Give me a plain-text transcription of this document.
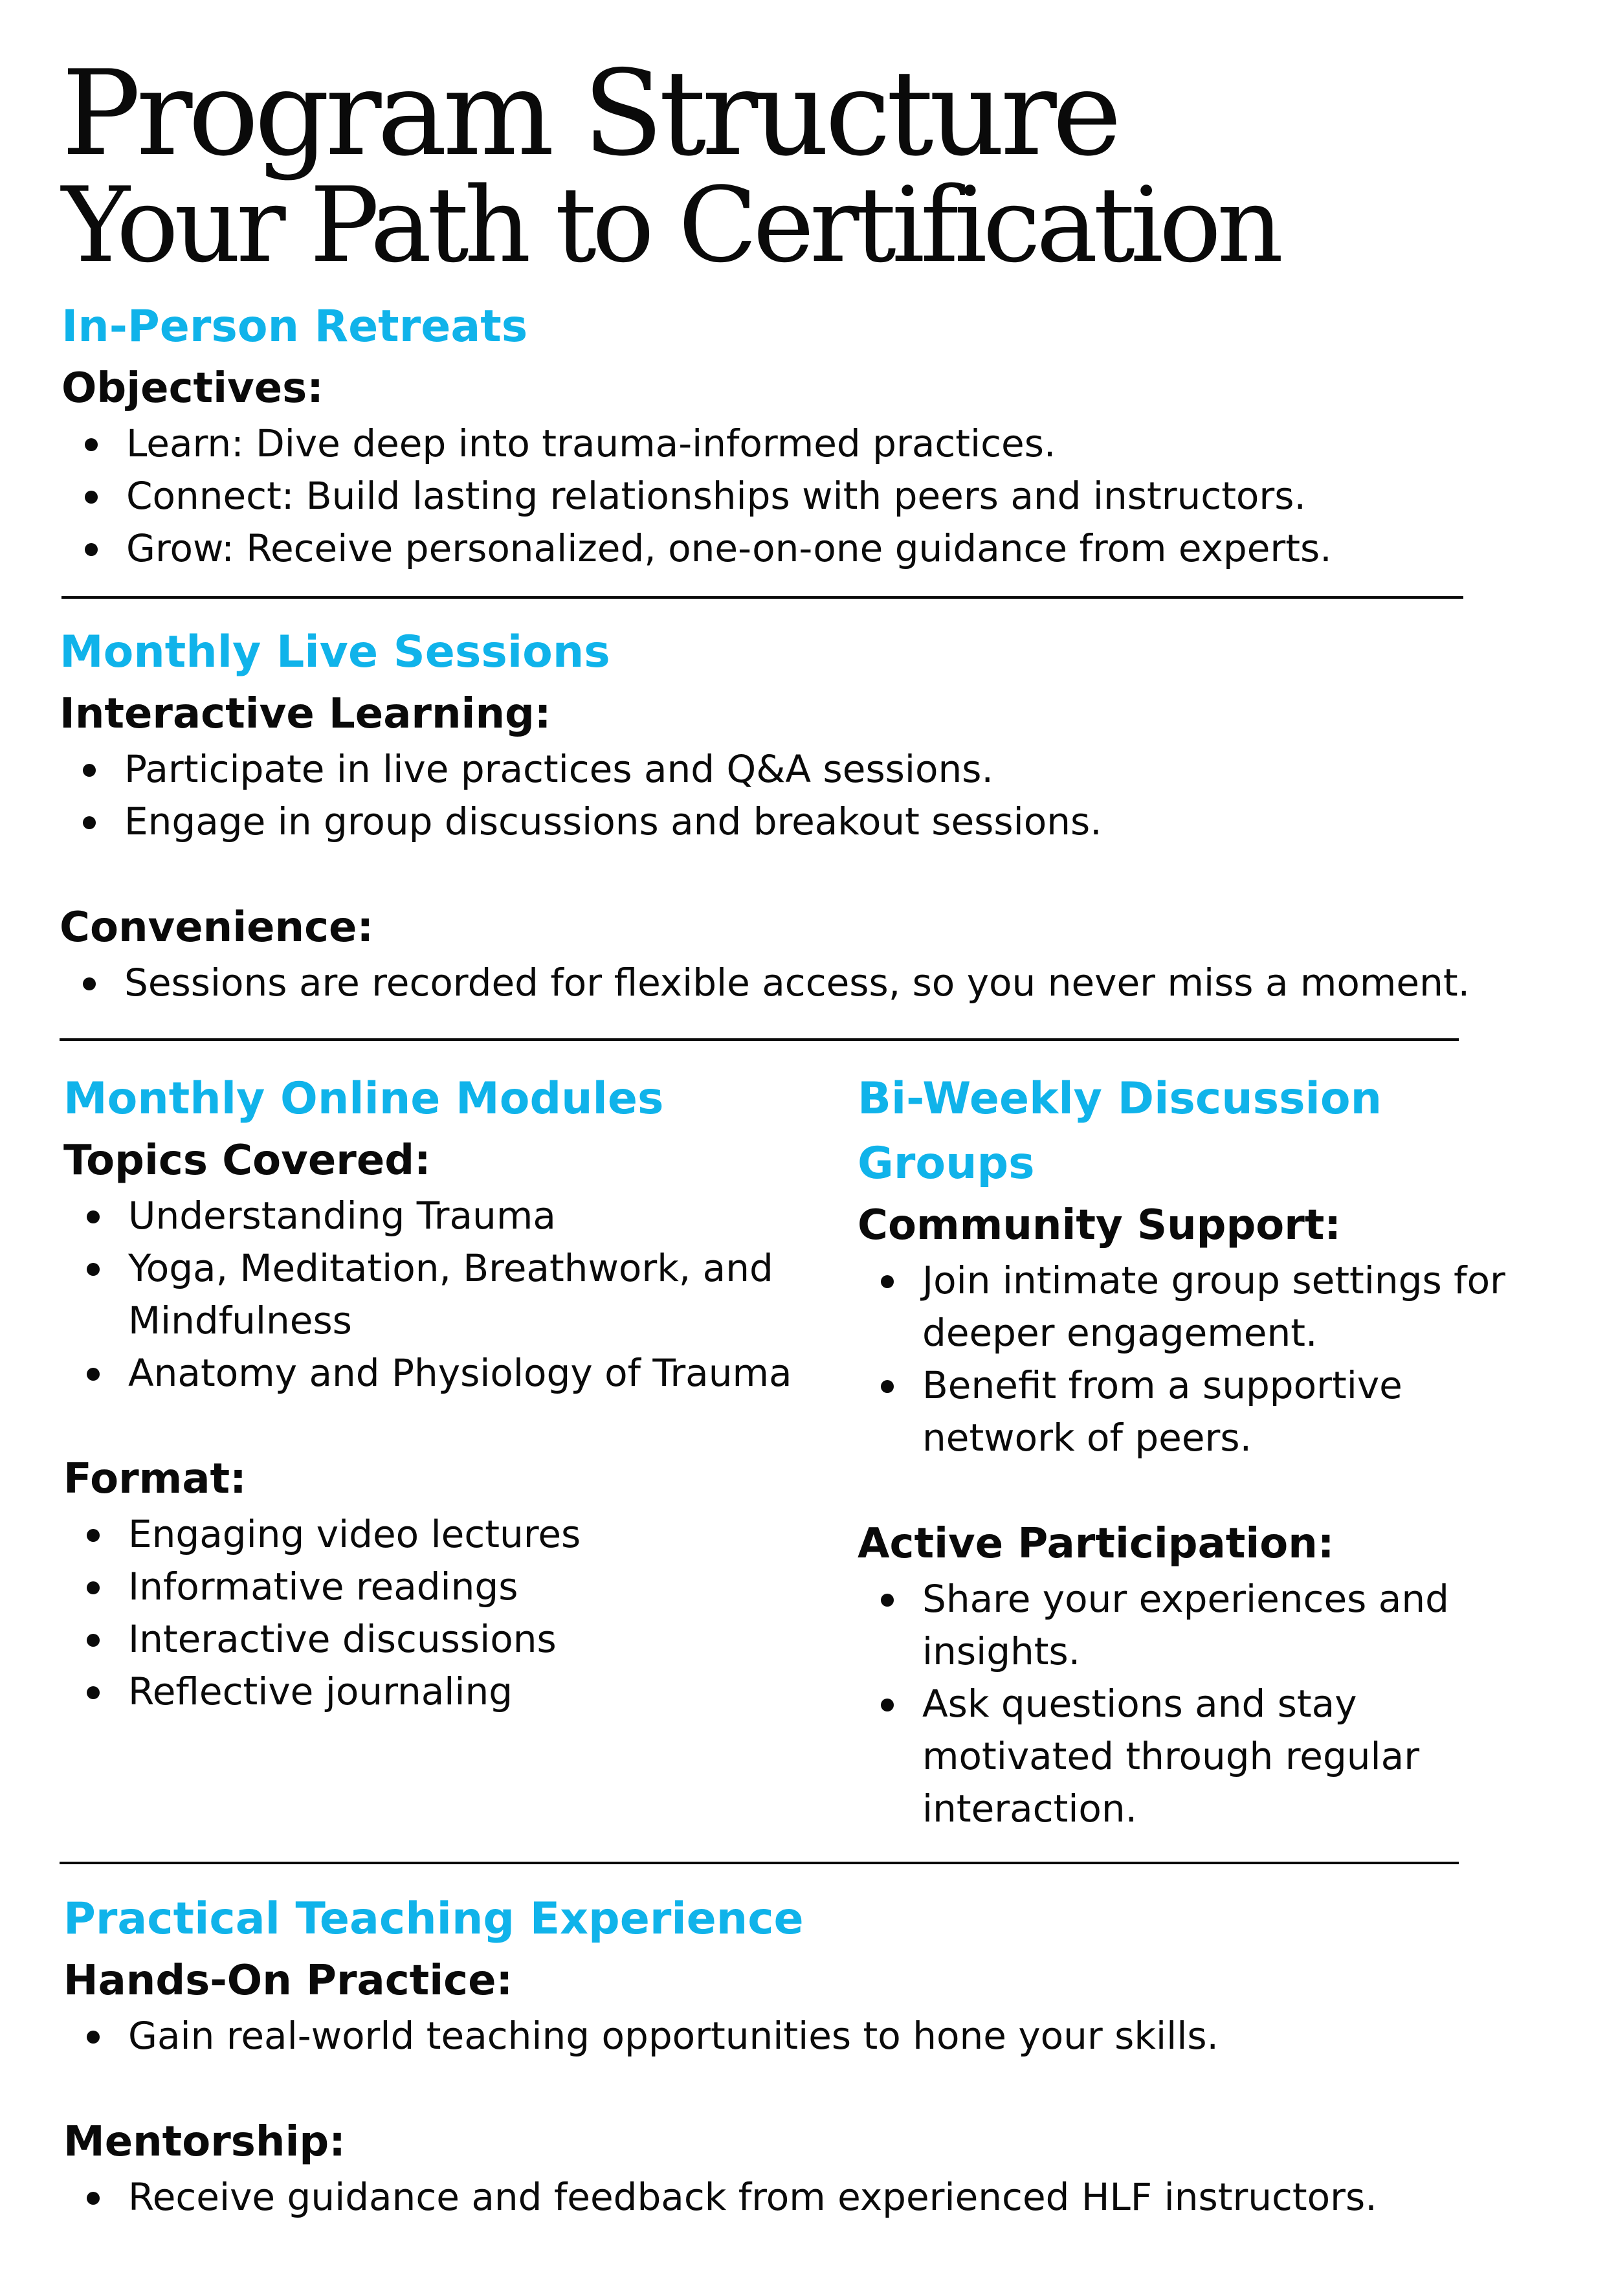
Program Structure
Your Path to Certification
In-Person Retreats
Objectives:
Learn: Dive deep into trauma-informed practices.
Connect: Build lasting relationships with peers and instructors.
Grow: Receive personalized, one-on-one guidance from experts.
Monthly Live Sessions
Interactive Learning:
Participate in live practices and Q&A sessions.
Engage in group discussions and breakout sessions.
Convenience:
Sessions are recorded for flexible access, so you never miss a moment.
Monthly Online Modules
Topics Covered:
Understanding Trauma
Yoga, Meditation, Breathwork, and Mindfulness
Anatomy and Physiology of Trauma
Format:
Engaging video lectures
Informative readings
Interactive discussions
Reflective journaling
Bi-Weekly Discussion Groups
Community Support:
Join intimate group settings for deeper engagement.
Benefit from a supportive network of peers.
Active Participation:
Share your experiences and insights.
Ask questions and stay motivated through regular interaction.
Practical Teaching Experience
Hands-On Practice:
Gain real-world teaching opportunities to hone your skills.
Mentorship:
Receive guidance and feedback from experienced HLF instructors.
